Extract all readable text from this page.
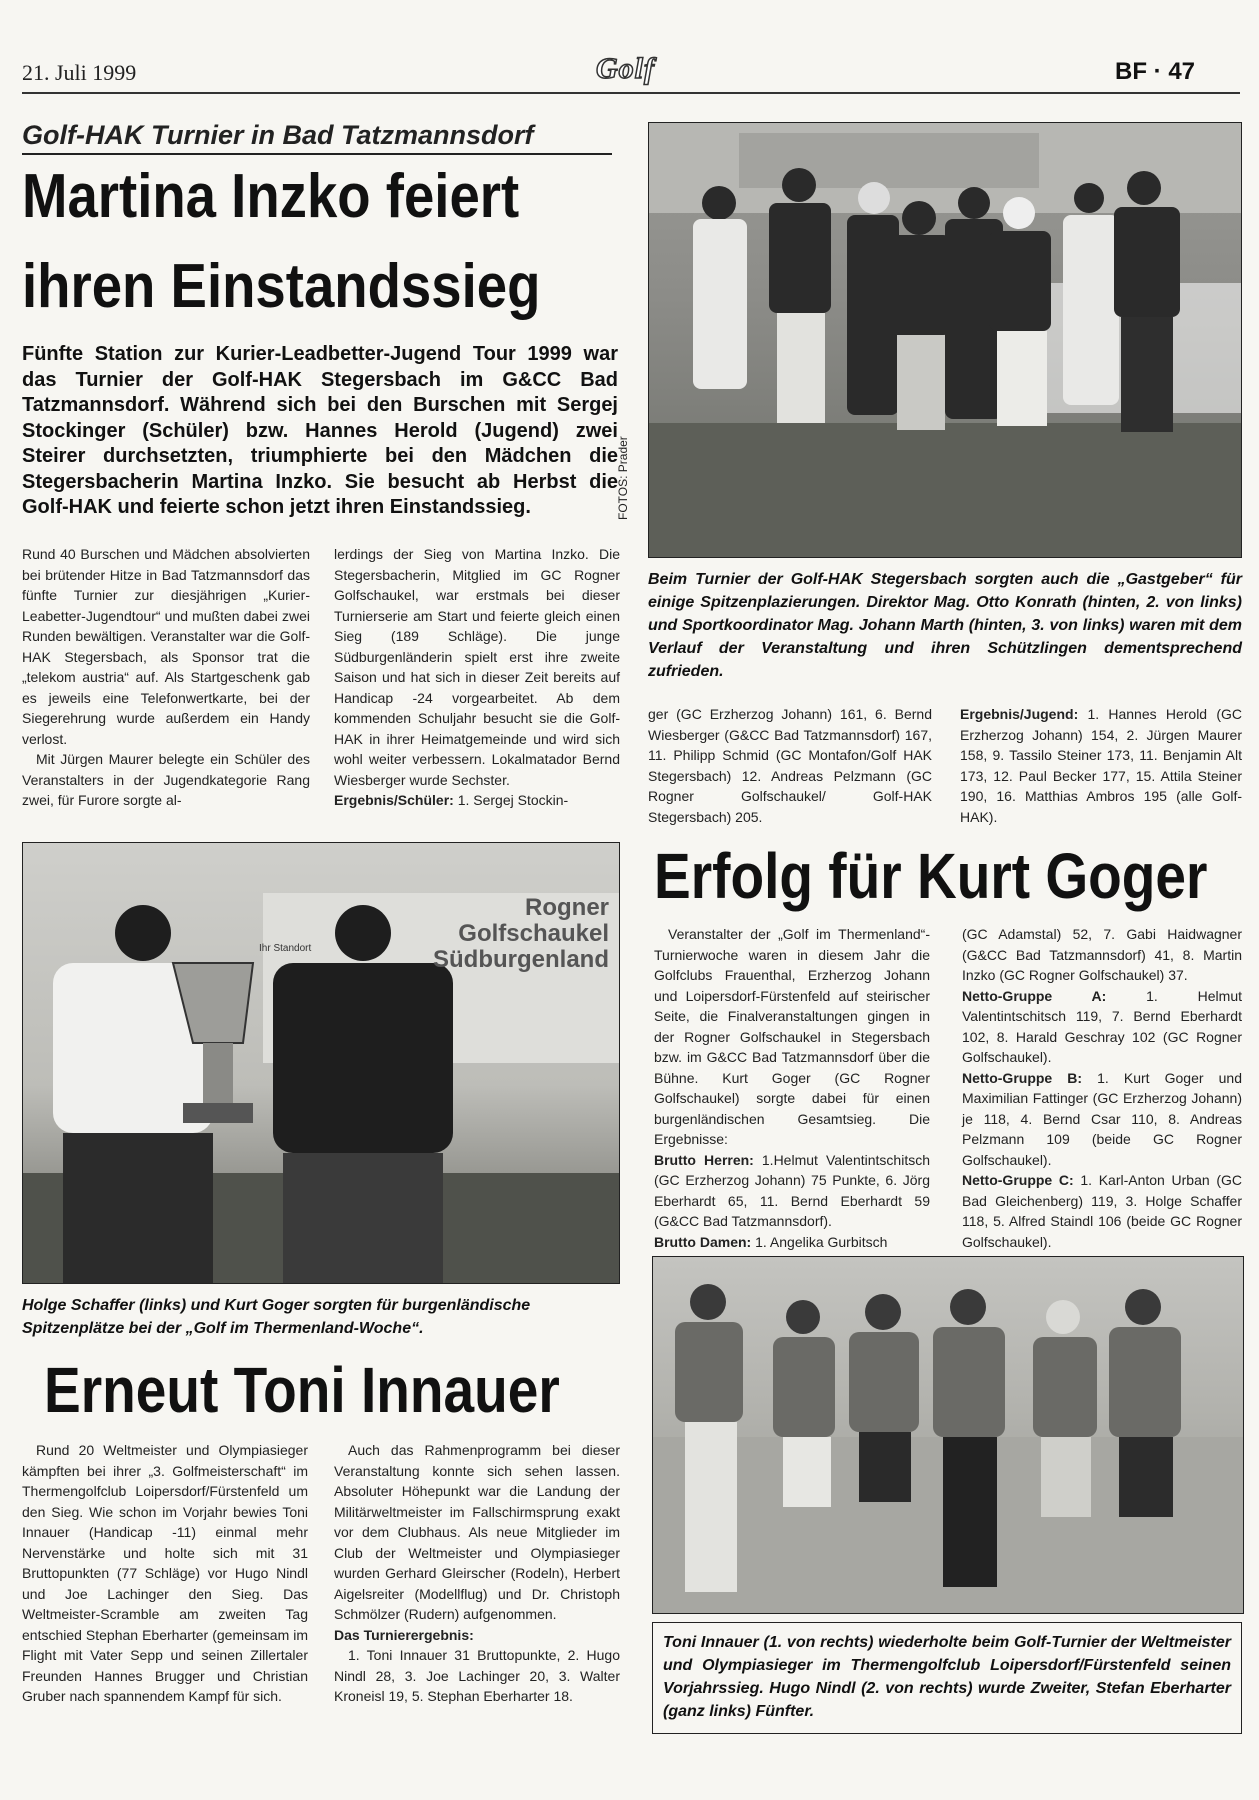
21. Juli 1999	Golf	BF · 47
Golf-HAK Turnier in Bad Tatzmannsdorf
Martina Inzko feiert
ihren Einstandssieg
Fünfte Station zur Kurier-Leadbetter-Jugend Tour 1999 war das Turnier der Golf-HAK Stegersbach im G&CC Bad Tatzmannsdorf. Während sich bei den Burschen mit Sergej Stockinger (Schüler) bzw. Hannes Herold (Jugend) zwei Steirer durchsetzten, triumphierte bei den Mädchen die Stegersbacherin Martina Inzko. Sie besucht ab Herbst die Golf-HAK und feierte schon jetzt ihren Einstandssieg.

Rund 40 Burschen und Mädchen absolvierten bei brütender Hitze in Bad Tatzmannsdorf das fünfte Turnier zur diesjährigen „Kurier-Leabetter-Jugendtour“ und mußten dabei zwei Runden bewältigen. Veranstalter war die Golf-HAK Stegersbach, als Sponsor trat die „telekom austria“ auf. Als Startgeschenk gab es jeweils eine Telefonwertkarte, bei der Siegerehrung wurde außerdem ein Handy verlost.

Mit Jürgen Maurer belegte ein Schüler des Veranstalters in der Jugendkategorie Rang zwei, für Furore sorgte al-

lerdings der Sieg von Martina Inzko. Die Stegersbacherin, Mitglied im GC Rogner Golfschaukel, war erstmals bei dieser Turnierserie am Start und feierte gleich einen Sieg (189 Schläge). Die junge Südburgenländerin spielt erst ihre zweite Saison und hat sich in dieser Zeit bereits auf Handicap -24 vorgearbeitet. Ab dem kommenden Schuljahr besucht sie die Golf-HAK in ihrer Heimatgemeinde und wird sich wohl weiter verbessern. Lokalmatador Bernd Wiesberger wurde Sechster.

Ergebnis/Schüler: 1. Sergej Stockin-

FOTOS: Prader
Beim Turnier der Golf-HAK Stegersbach sorgten auch die „Gastgeber“ für einige Spitzenplazierungen. Direktor Mag. Otto Konrath (hinten, 2. von links) und Sportkoordinator Mag. Johann Marth (hinten, 3. von links) waren mit dem Verlauf der Veranstaltung und ihren Schützlingen dementsprechend zufrieden.

ger (GC Erzherzog Johann) 161, 6. Bernd Wiesberger (G&CC Bad Tatzmannsdorf) 167, 11. Philipp Schmid (GC Montafon/Golf HAK Stegersbach) 12. Andreas Pelzmann (GC Rogner Golfschaukel/ Golf-HAK Stegersbach) 205.

Ergebnis/Jugend: 1. Hannes Herold (GC Erzherzog Johann) 154, 2. Jürgen Maurer 158, 9. Tassilo Steiner 173, 11. Benjamin Alt 173, 12. Paul Becker 177, 15. Attila Steiner 190, 16. Matthias Ambros 195 (alle Golf-HAK).

Rogner
Golfschaukel
Südburgenland
Ihr Standort
Holge Schaffer (links) und Kurt Goger sorgten für burgenländische Spitzenplätze bei der „Golf im Thermenland-Woche“.
Erfolg für Kurt Goger

Veranstalter der „Golf im Thermenland“-Turnierwoche waren in diesem Jahr die Golfclubs Frauenthal, Erzherzog Johann und Loipersdorf-Fürstenfeld auf steirischer Seite, die Finalveranstaltungen gingen in der Rogner Golfschaukel in Stegersbach bzw. im G&CC Bad Tatzmannsdorf über die Bühne. Kurt Goger (GC Rogner Golfschaukel) sorgte dabei für einen burgenländischen Gesamtsieg. Die Ergebnisse:

Brutto Herren: 1.Helmut Valentintschitsch (GC Erzherzog Johann) 75 Punkte, 6. Jörg Eberhardt 65, 11. Bernd Eberhardt 59 (G&CC Bad Tatzmannsdorf).

Brutto Damen: 1. Angelika Gurbitsch

(GC Adamstal) 52, 7. Gabi Haidwagner (G&CC Bad Tatzmannsdorf) 41, 8. Martin Inzko (GC Rogner Golfschaukel) 37.

Netto-Gruppe A: 1. Helmut Valentintschitsch 119, 7. Bernd Eberhardt 102, 8. Harald Geschray 102 (GC Rogner Golfschaukel).

Netto-Gruppe B: 1. Kurt Goger und Maximilian Fattinger (GC Erzherzog Johann) je 118, 4. Bernd Csar 110, 8. Andreas Pelzmann 109 (beide GC Rogner Golfschaukel).

Netto-Gruppe C: 1. Karl-Anton Urban (GC Bad Gleichenberg) 119, 3. Holge Schaffer 118, 5. Alfred Staindl 106 (beide GC Rogner Golfschaukel).

Erneut Toni Innauer

Rund 20 Weltmeister und Olympiasieger kämpften bei ihrer „3. Golfmeisterschaft“ im Thermengolfclub Loipersdorf/Fürstenfeld um den Sieg. Wie schon im Vorjahr bewies Toni Innauer (Handicap -11) einmal mehr Nervenstärke und holte sich mit 31 Bruttopunkten (77 Schläge) vor Hugo Nindl und Joe Lachinger den Sieg. Das Weltmeister-Scramble am zweiten Tag entschied Stephan Eberharter (gemeinsam im Flight mit Vater Sepp und seinen Zillertaler Freunden Hannes Brugger und Christian Gruber nach spannendem Kampf für sich.

Auch das Rahmenprogramm bei dieser Veranstaltung konnte sich sehen lassen. Absoluter Höhepunkt war die Landung der Militärweltmeister im Fallschirmsprung exakt vor dem Clubhaus. Als neue Mitglieder im Club der Weltmeister und Olympiasieger wurden Gerhard Gleirscher (Rodeln), Herbert Aigelsreiter (Modellflug) und Dr. Christoph Schmölzer (Rudern) aufgenommen.

Das Turnierergebnis:

1. Toni Innauer 31 Bruttopunkte, 2. Hugo Nindl 28, 3. Joe Lachinger 20, 3. Walter Kroneisl 19, 5. Stephan Eberharter 18.

Toni Innauer (1. von rechts) wiederholte beim Golf-Turnier der Weltmeister und Olympiasieger im Thermengolfclub Loipersdorf/Fürstenfeld seinen Vorjahrssieg. Hugo Nindl (2. von rechts) wurde Zweiter, Stefan Eberharter (ganz links) Fünfter.
